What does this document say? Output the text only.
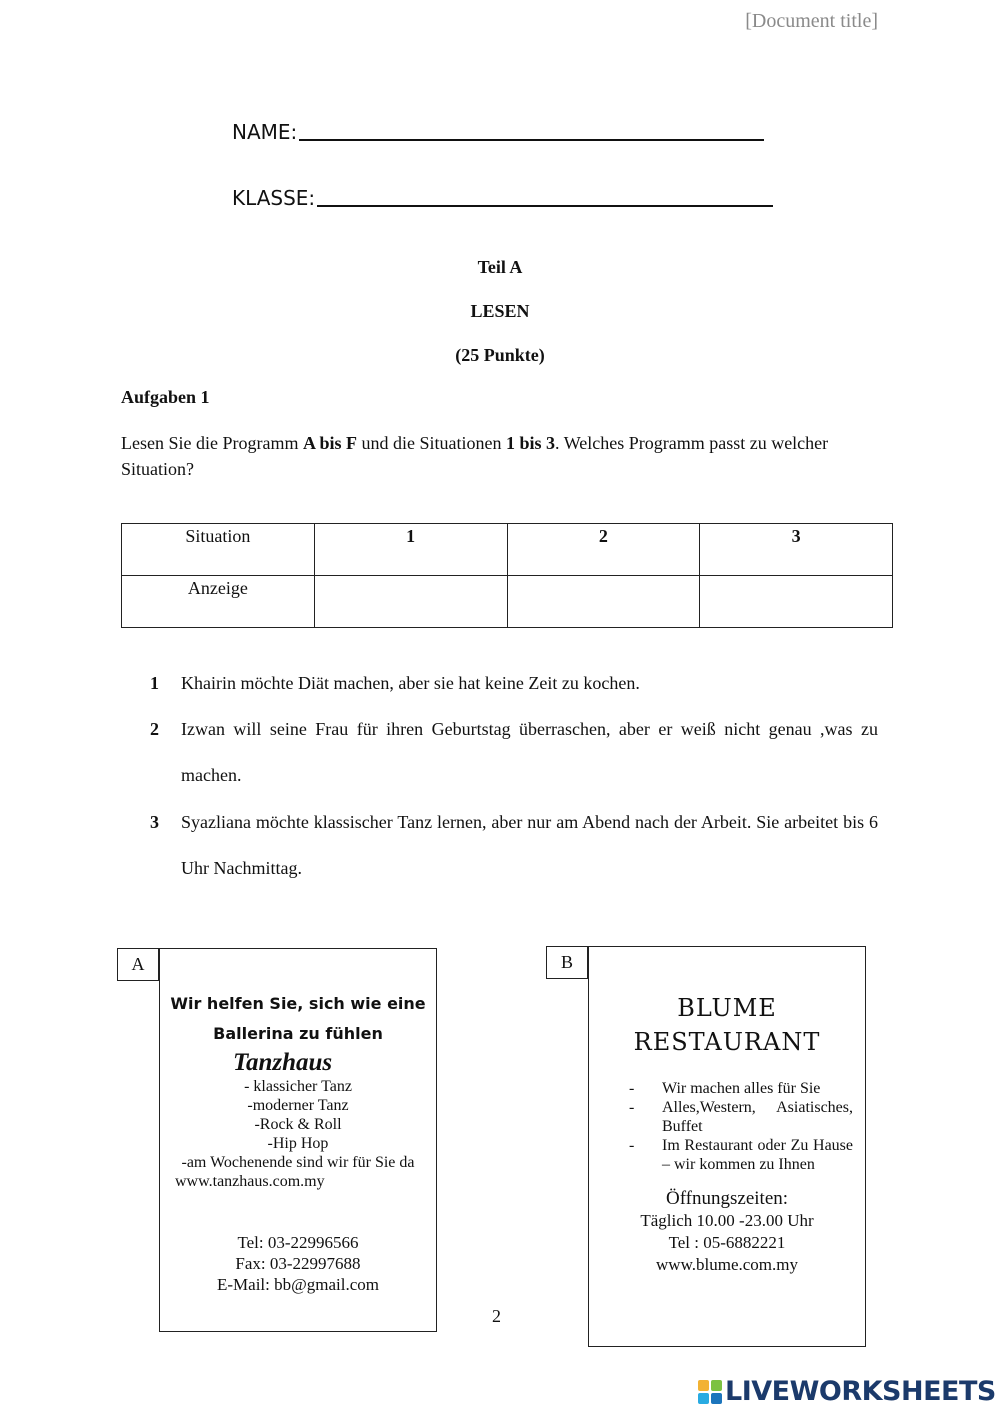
[Document title]
NAME:
KLASSE:
Teil A
LESEN
(25 Punkte)
Aufgaben 1
Lesen Sie die Programm A bis F und die Situationen 1 bis 3. Welches Programm passt zu welcher Situation?
Situation	1	2	3
Anzeige			
1 Khairin möchte Diät machen, aber sie hat keine Zeit zu kochen.
2 Izwan will seine Frau für ihren Geburtstag überraschen, aber er weiß nicht genau ,was zu machen.
3 Syazliana möchte klassischer Tanz lernen, aber nur am Abend nach der Arbeit. Sie arbeitet bis 6 Uhr Nachmittag.
A
Wir helfen Sie, sich wie eine
Ballerina zu fühlen
Tanzhaus
- klassicher Tanz
-moderner Tanz
-Rock & Roll
-Hip Hop
-am Wochenende sind wir für Sie da
www.tanzhaus.com.my
Tel: 03-22996566
Fax: 03-22997688
E-Mail: bb@gmail.com
B
BLUME
RESTAURANT
- Wir machen alles für Sie
- Alles,Western, Asiatisches, Buffet
- Im Restaurant oder Zu Hause – wir kommen zu Ihnen
Öffnungszeiten:
Täglich 10.00 -23.00 Uhr
Tel : 05-6882221
www.blume.com.my
2
LIVEWORKSHEETS
